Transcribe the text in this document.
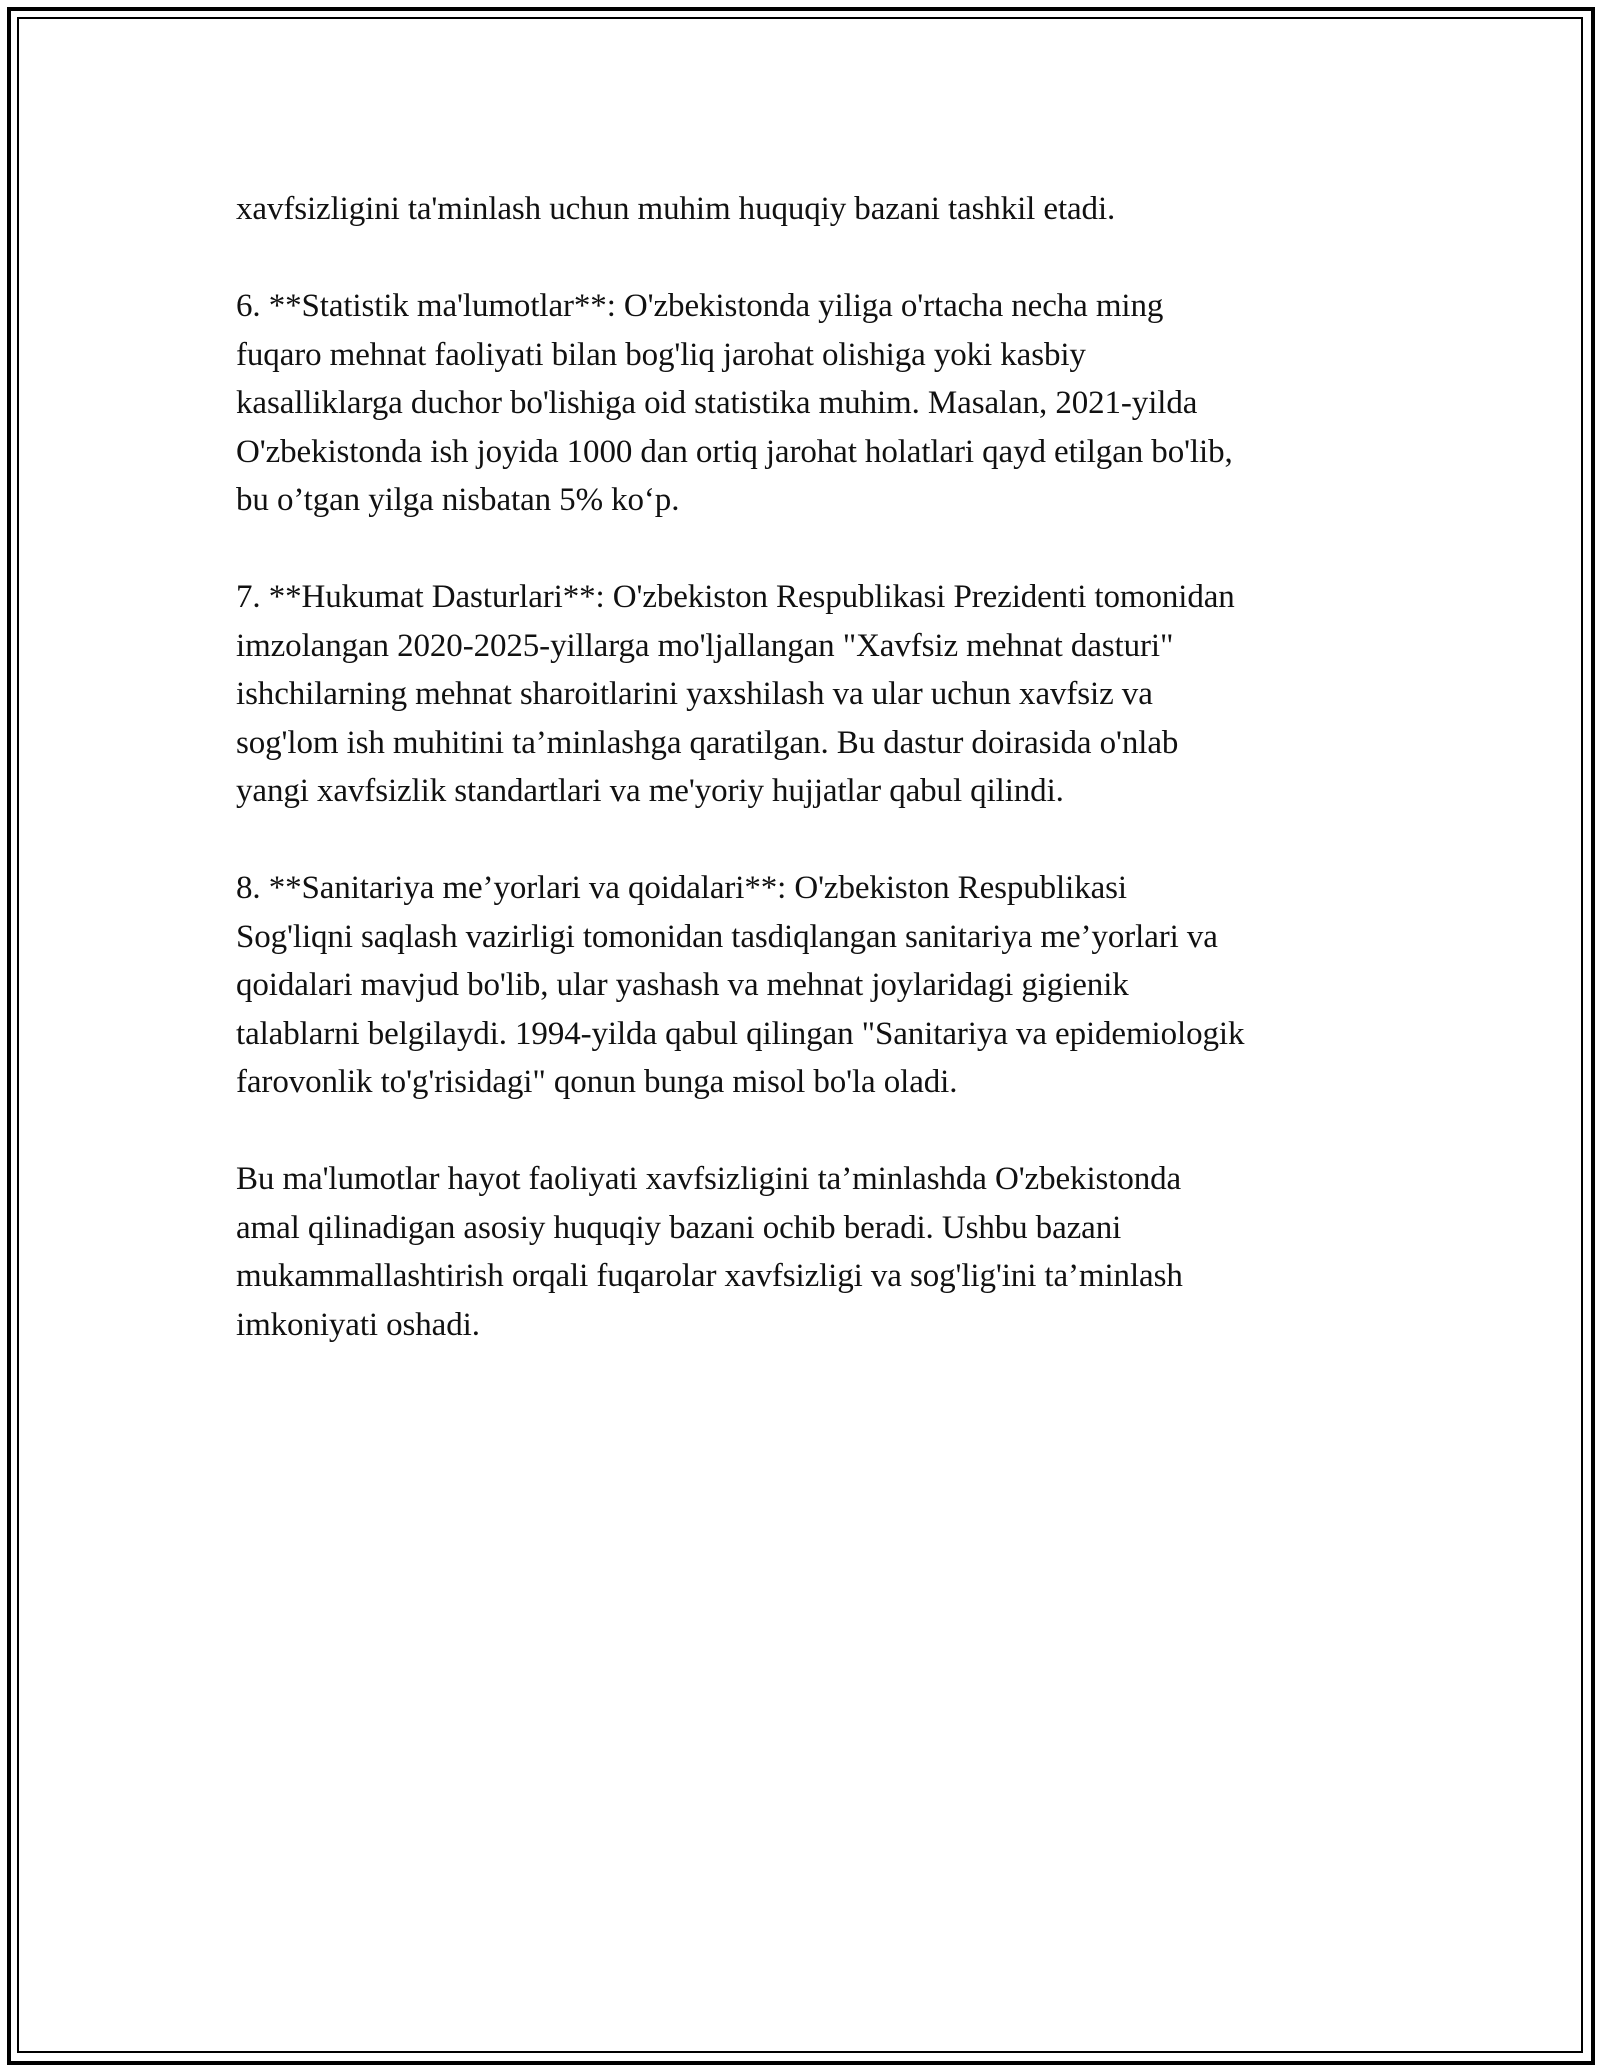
xavfsizligini ta'minlash uchun muhim huquqiy bazani tashkil etadi.

6. **Statistik ma'lumotlar**: O'zbekistonda yiliga o'rtacha necha ming
fuqaro mehnat faoliyati bilan bog'liq jarohat olishiga yoki kasbiy
kasalliklarga duchor bo'lishiga oid statistika muhim. Masalan, 2021-yilda
O'zbekistonda ish joyida 1000 dan ortiq jarohat holatlari qayd etilgan bo'lib,
bu o’tgan yilga nisbatan 5% ko‘p.

7. **Hukumat Dasturlari**: O'zbekiston Respublikasi Prezidenti tomonidan
imzolangan 2020-2025-yillarga mo'ljallangan "Xavfsiz mehnat dasturi"
ishchilarning mehnat sharoitlarini yaxshilash va ular uchun xavfsiz va
sog'lom ish muhitini ta’minlashga qaratilgan. Bu dastur doirasida o'nlab
yangi xavfsizlik standartlari va me'yoriy hujjatlar qabul qilindi.

8. **Sanitariya me’yorlari va qoidalari**: O'zbekiston Respublikasi
Sog'liqni saqlash vazirligi tomonidan tasdiqlangan sanitariya me’yorlari va
qoidalari mavjud bo'lib, ular yashash va mehnat joylaridagi gigienik
talablarni belgilaydi. 1994-yilda qabul qilingan "Sanitariya va epidemiologik
farovonlik to'g'risidagi" qonun bunga misol bo'la oladi.

Bu ma'lumotlar hayot faoliyati xavfsizligini ta’minlashda O'zbekistonda
amal qilinadigan asosiy huquqiy bazani ochib beradi. Ushbu bazani
mukammallashtirish orqali fuqarolar xavfsizligi va sog'lig'ini ta’minlash
imkoniyati oshadi.
